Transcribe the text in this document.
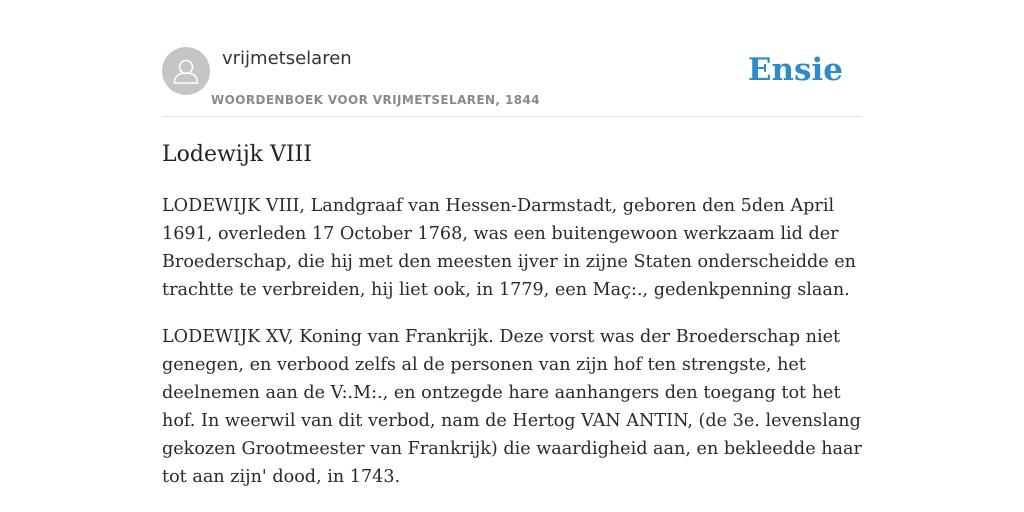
vrijmetselaren
WOORDENBOEK VOOR VRIJMETSELAREN, 1844
Ensie
Lodewijk VIII

LODEWIJK VIII, Landgraaf van Hessen-Darmstadt, geboren den 5den April 1691, overleden 17 October 1768, was een buitengewoon werkzaam lid der Broederschap, die hij met den meesten ijver in zijne Staten onderscheidde en trachtte te verbreiden, hij liet ook, in 1779, een Maç:., gedenkpenning slaan.

LODEWIJK XV, Koning van Frankrijk. Deze vorst was der Broederschap niet genegen, en verbood zelfs al de personen van zijn hof ten strengste, het deelnemen aan de V:.M:., en ontzegde hare aanhangers den toegang tot het hof. In weerwil van dit verbod, nam de Hertog VAN ANTIN, (de 3e. levenslang gekozen Grootmeester van Frankrijk) die waardigheid aan, en bekleedde haar tot aan zijn' dood, in 1743.
